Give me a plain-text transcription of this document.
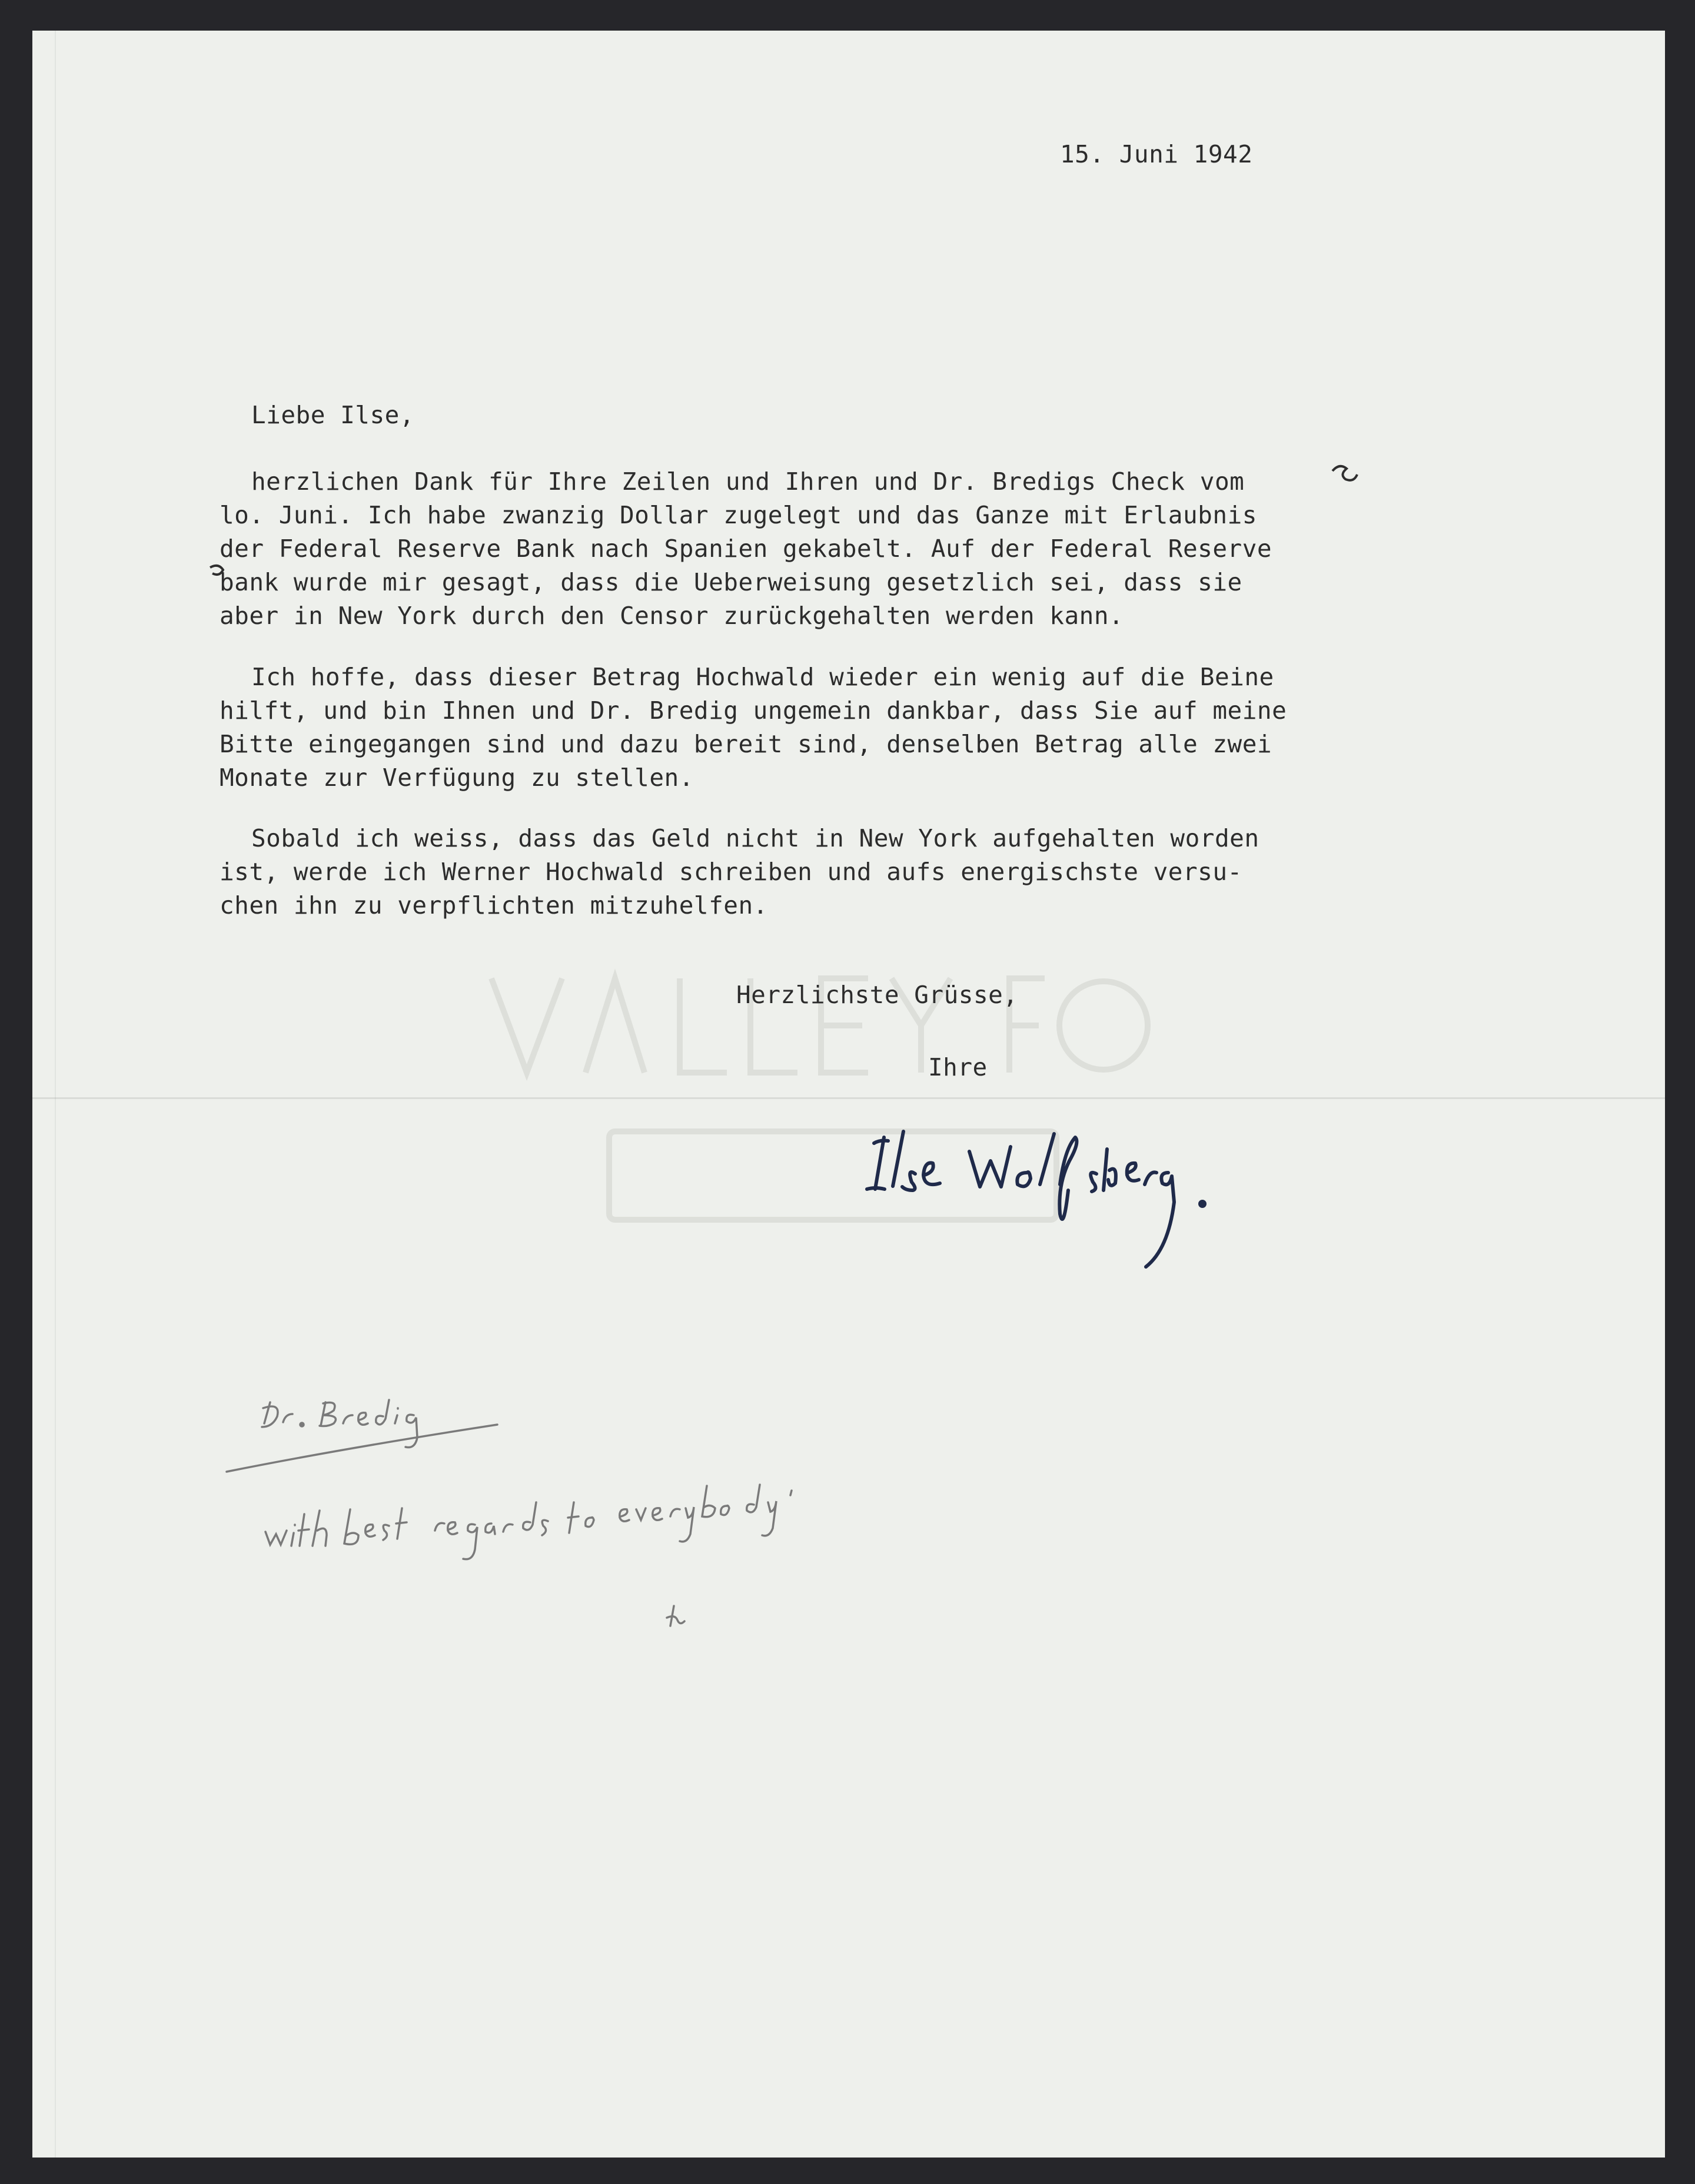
15. Juni 1942
Liebe Ilse,
herzlichen Dank für Ihre Zeilen und Ihren und Dr. Bredigs Check vom
lo. Juni. Ich habe zwanzig Dollar zugelegt und das Ganze mit Erlaubnis
der Federal Reserve Bank nach Spanien gekabelt. Auf der Federal Reserve
bank wurde mir gesagt, dass die Ueberweisung gesetzlich sei, dass sie
aber in New York durch den Censor zurückgehalten werden kann.
Ich hoffe, dass dieser Betrag Hochwald wieder ein wenig auf die Beine
hilft, und bin Ihnen und Dr. Bredig ungemein dankbar, dass Sie auf meine
Bitte eingegangen sind und dazu bereit sind, denselben Betrag alle zwei
Monate zur Verfügung zu stellen.
Sobald ich weiss, dass das Geld nicht in New York aufgehalten worden
ist, werde ich Werner Hochwald schreiben und aufs energischste versu-
chen ihn zu verpflichten mitzuhelfen.
Herzlichste Grüsse,
Ihre
